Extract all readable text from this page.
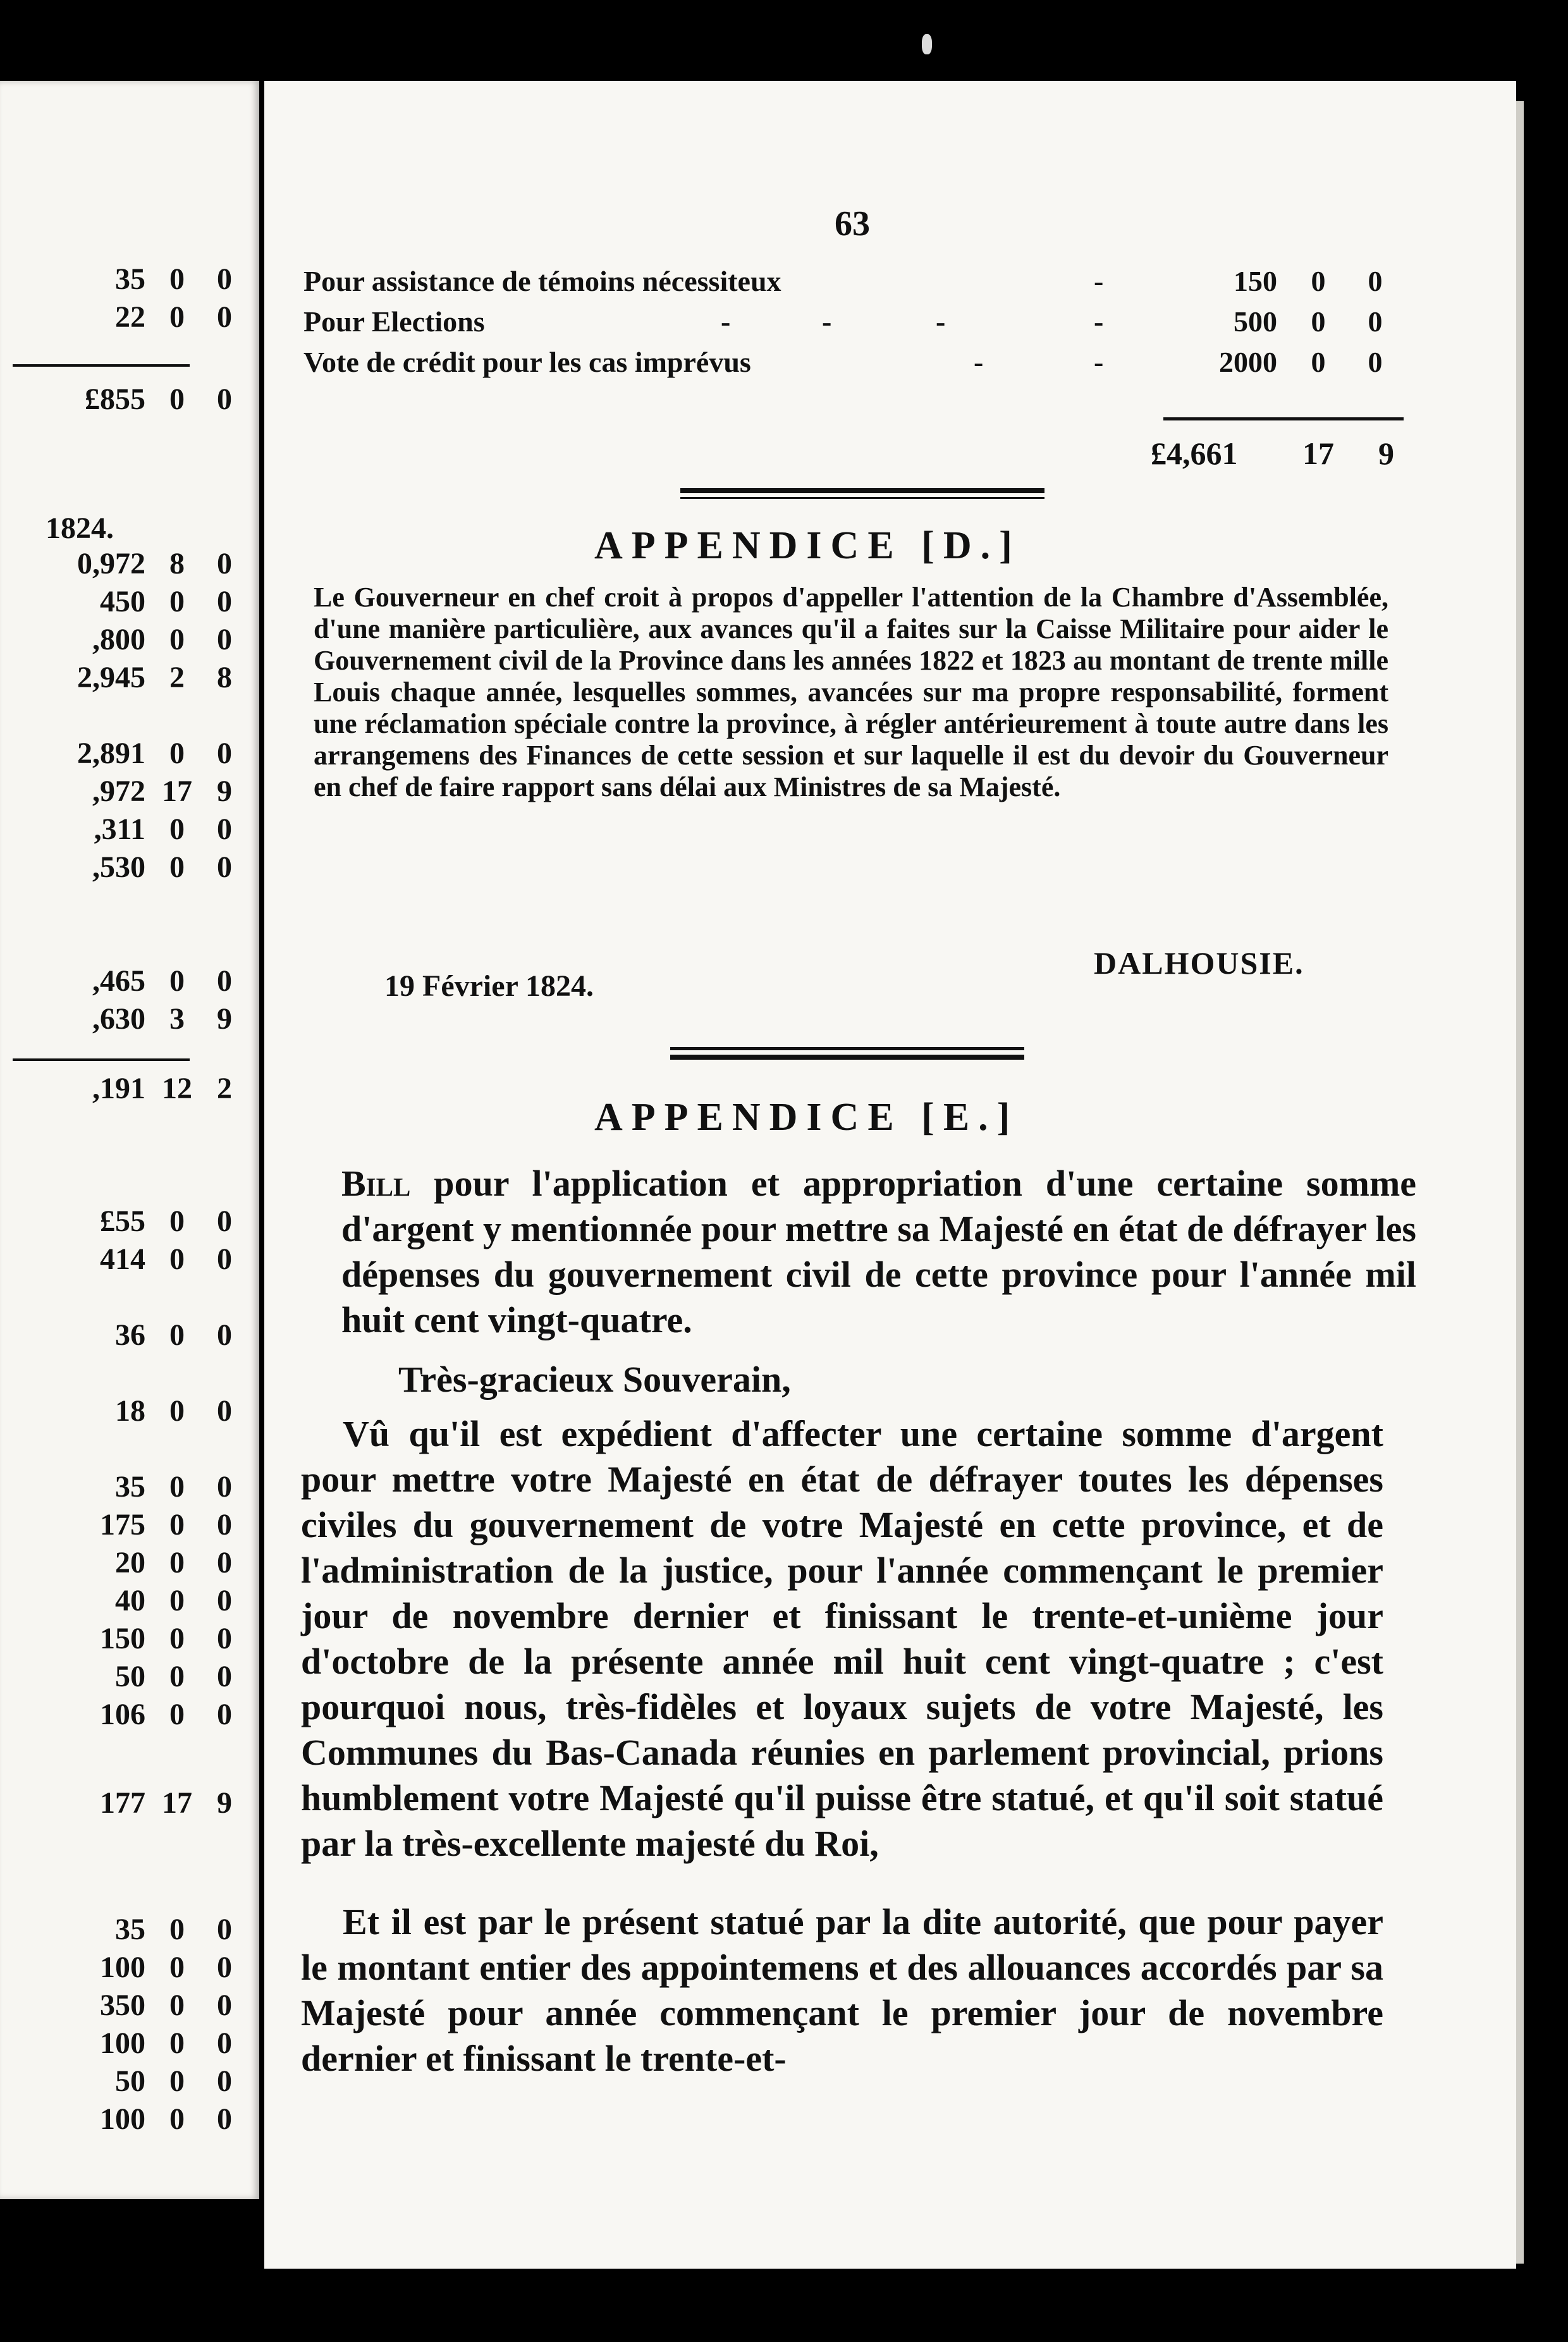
35 0	0
22 0	0
£855 0	0
1824.
0,972 8	0
450 0	0
,800 0	0
2,945 2	8
2,891 0	0
,972 17 9
,311 0	0
,530 0	0
,465 0	0
,630 3	9
,191 12 2
£55 0	0
414 0	0
36 0	0
18 0	0
35 0	0
175 0	0
20 0	0
40 0	0
150 0	0
50 0	0
106 0	0
177 17 9
35 0	0
100 0	0
350 0	0
100 0	0
50 0	0
100 0	0
63
Pour assistance de témoins nécessiteux	-	150	0	0
Pour Elections	-	-	-	-	500	0	0
Vote de crédit pour les cas imprévus	-	-	2000	0	0
£4,661 17 9
APPENDICE [D.]

Le Gouverneur en chef croit à propos d'appeller l'attention de la Chambre d'Assemblée, d'une manière particulière, aux avances qu'il a faites sur la Caisse Militaire pour aider le Gouvernement civil de la Province dans les années 1822 et 1823 au montant de trente mille Louis chaque année, lesquelles sommes, avancées sur ma propre responsabilité, forment une réclamation spéciale contre la province, à régler antérieurement à toute autre dans les arrangemens des Finances de cette session et sur laquelle il est du devoir du Gouverneur en chef de faire rapport sans délai aux Ministres de sa Majesté.

DALHOUSIE.
19 Février 1824.
APPENDICE [E.]

Bill pour l'application et appropriation d'une certaine somme d'argent y mentionnée pour mettre sa Majesté en état de défrayer les dépenses du gouvernement civil de cette province pour l'année mil huit cent vingt-quatre.

Très-gracieux Souverain,

Vû qu'il est expédient d'affecter une certaine somme d'argent pour mettre votre Majesté en état de défrayer toutes les dépenses civiles du gouvernement de votre Majesté en cette province, et de l'administration de la justice, pour l'année commençant le premier jour de novembre dernier et finissant le trente-et-unième jour d'octobre de la présente année mil huit cent vingt-quatre ; c'est pourquoi nous, très-fidèles et loyaux sujets de votre Majesté, les Communes du Bas-Canada réunies en parlement provincial, prions humblement votre Majesté qu'il puisse être statué, et qu'il soit statué par la très-excellente majesté du Roi,

Et il est par le présent statué par la dite autorité, que pour payer le montant entier des appointemens et des allouances accordés par sa Majesté pour année commençant le premier jour de novembre dernier et finissant le trente-et-
